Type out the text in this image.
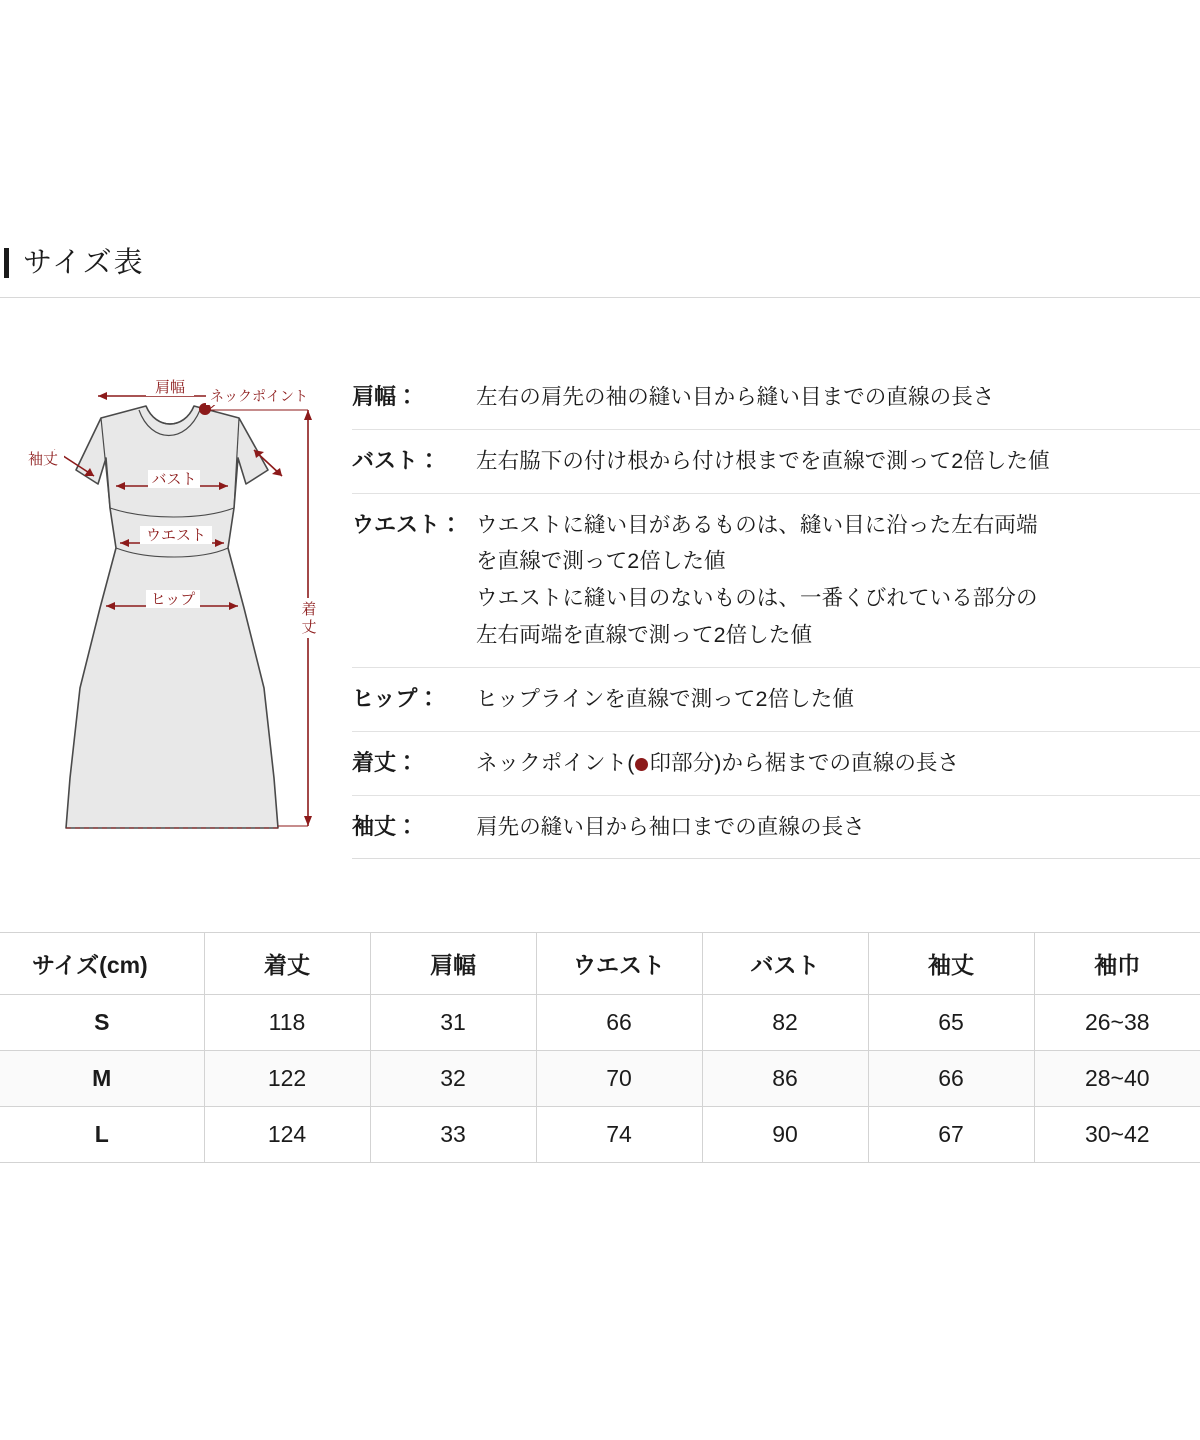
サイズ表
肩幅 ネックポイント
袖丈
バスト
ウエスト
ヒップ
着
丈
肩幅：	左右の肩先の袖の縫い目から縫い目までの直線の長さ
バスト：	左右脇下の付け根から付け根までを直線で測って2倍した値
ウエスト： ウエストに縫い目があるものは、縫い目に沿った左右両端
を直線で測って2倍した値
ウエストに縫い目のないものは、一番くびれている部分の
左右両端を直線で測って2倍した値
ヒップ：	ヒップラインを直線で測って2倍した値
着丈：	ネックポイント( 印部分)から裾までの直線の長さ
袖丈：	肩先の縫い目から袖口までの直線の長さ
サイズ(cm)	着丈	肩幅	ウエスト	バスト	袖丈	袖巾
S	118	31	66	82	65	26~38
M	122	32	70	86	66	28~40
L	124	33	74	90	67	30~42
